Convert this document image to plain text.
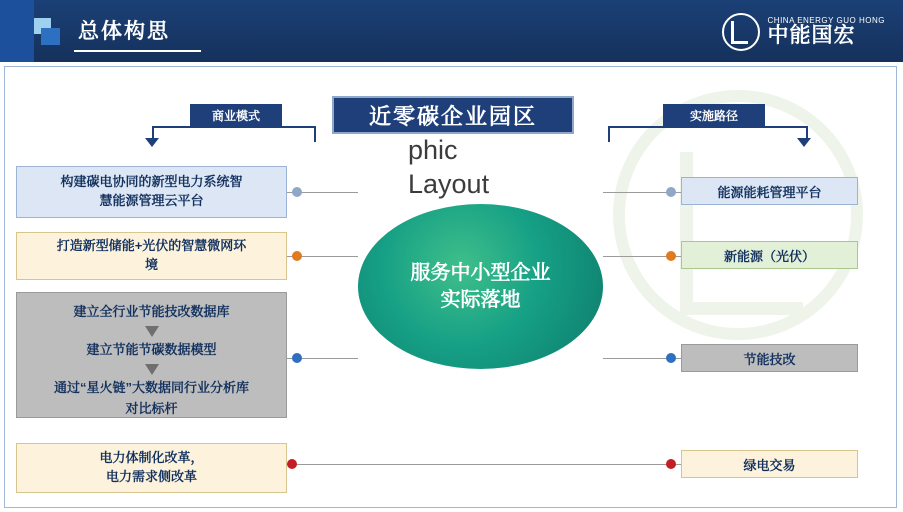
总体构思	CHINA ENERGY GUO HONG
中能国宏
近零碳企业园区
商业模式	实施路径
phic
Layout
服务中小型企业
实际落地
构建碳电协同的新型电力系统智
慧能源管理云平台
打造新型储能+光伏的智慧微网环
境
建立全行业节能技改数据库
建立节能节碳数据模型
通过“星火链”大数据同行业分析库
对比标杆
电力体制化改革，
电力需求侧改革
能源能耗管理平台
新能源（光伏）
节能技改
绿电交易
